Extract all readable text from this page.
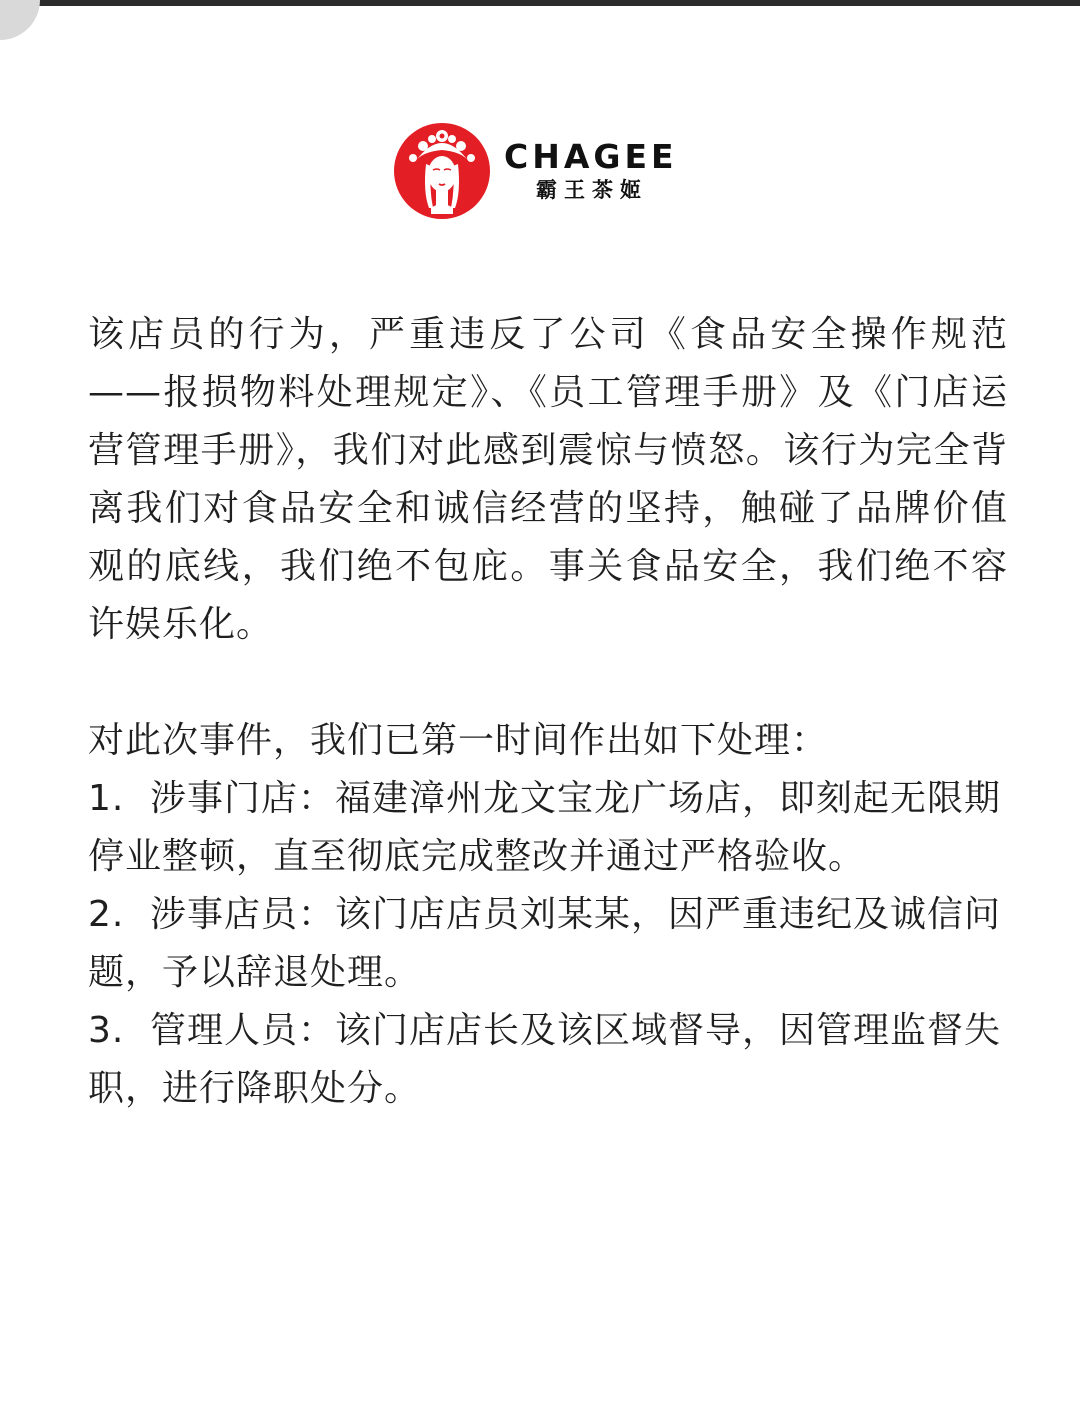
CHAGEE
霸王茶姬

该店员的行为，严重违反了公司《食品安全操作规范——报损物料处理规定》、《员工管理手册》及《门店运营管理手册》，我们对此感到震惊与愤怒。该行为完全背离我们对食品安全和诚信经营的坚持，触碰了品牌价值观的底线，我们绝不包庇。事关食品安全，我们绝不容许娱乐化。

对此次事件，我们已第一时间作出如下处理：

1. 涉事门店：福建漳州龙文宝龙广场店，即刻起无限期停业整顿，直至彻底完成整改并通过严格验收。

2. 涉事店员：该门店店员刘某某，因严重违纪及诚信问题，予以辞退处理。

3. 管理人员：该门店店长及该区域督导，因管理监督失职，进行降职处分。
